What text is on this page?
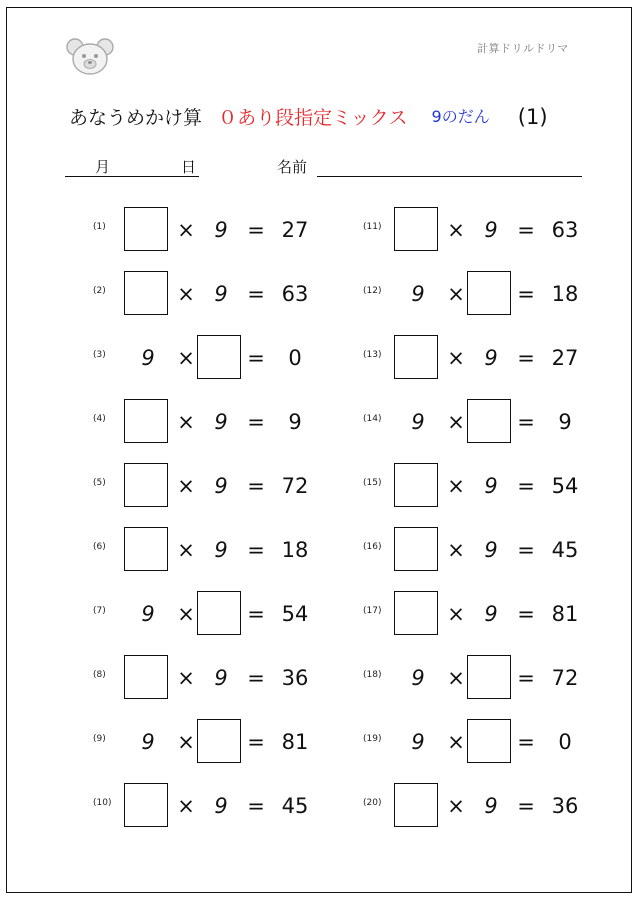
計算ドリルドリマ
あなうめかけ算 ０あり段指定ミックス 9のだん (1)
月	日	名前
(1)	× 9 = 27
(2)	× 9 = 63
(3)	9	× =	0
(4)	× 9 =	9
(5)	× 9 = 72
(6)	× 9 = 18
(7)	9	× = 54
(8)	× 9 = 36
(9)	9	× = 81
(10)	× 9 = 45
(11)	× 9 = 63
(12)	9	× = 18
(13)	× 9 = 27
(14)	9	× =	9
(15)	× 9 = 54
(16)	× 9 = 45
(17)	× 9 = 81
(18)	9	× = 72
(19)	9	× =	0
(20)	× 9 = 36
